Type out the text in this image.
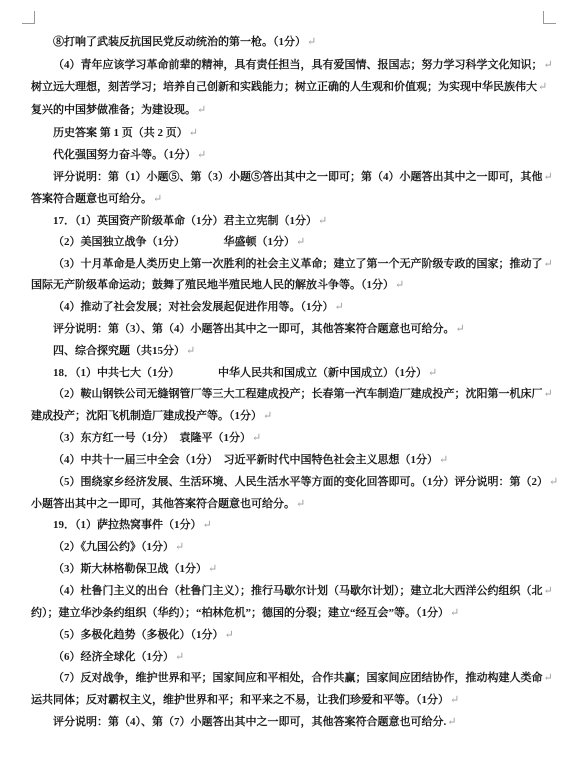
⑧打响了武装反抗国民党反动统治的第一枪。（1分）↵
（4）青年应该学习革命前辈的精神，具有责任担当，具有爱国情、报国志；努力学习科学文化知识；↵
树立远大理想，刻苦学习；培养自己创新和实践能力；树立正确的人生观和价值观；为实现中华民族伟大↵
复兴的中国梦做准备；为建设现。↵
历史答案 第 1 页（共 2 页）↵
代化强国努力奋斗等。（1分）↵
评分说明：第（1）小题⑤、第（3）小题⑤答出其中之一即可；第（4）小题答出其中之一即可，其他↵
答案符合题意也可给分。↵
17．（1）英国资产阶级革命（1分）君主立宪制（1分）↵
（2）美国独立战争（1分）　　　　华盛顿（1分）↵
（3）十月革命是人类历史上第一次胜利的社会主义革命；建立了第一个无产阶级专政的国家；推动了↵
国际无产阶级革命运动；鼓舞了殖民地半殖民地人民的解放斗争等。（1分）↵
（4）推动了社会发展；对社会发展起促进作用等。（1分）↵
评分说明：第（3）、第（4）小题答出其中之一即可，其他答案符合题意也可给分。↵
四、综合探究题（共15分）↵
18．（1）中共七大（1分）　　　　中华人民共和国成立（新中国成立）（1分）↵
（2）鞍山钢铁公司无缝钢管厂等三大工程建成投产；长春第一汽车制造厂建成投产；沈阳第一机床厂↵
建成投产；沈阳飞机制造厂建成投产等。（1分）↵
（3）东方红一号（1分）　袁隆平（1分）↵
（4）中共十一届三中全会（1分）　习近平新时代中国特色社会主义思想（1分）↵
（5）围绕家乡经济发展、生活环境、人民生活水平等方面的变化回答即可。（1分）评分说明：第（2）↵
小题答出其中之一即可，其他答案符合题意也可给分。↵
19．（1）萨拉热窝事件（1分）↵
（2）《九国公约》（1分）↵
（3）斯大林格勒保卫战（1分）↵
（4）杜鲁门主义的出台（杜鲁门主义）；推行马歇尔计划（马歇尔计划）；建立北大西洋公约组织（北↵
约）；建立华沙条约组织（华约）；“柏林危机”；德国的分裂；建立“经互会”等。（1分）↵
（5）多极化趋势（多极化）（1分）↵
（6）经济全球化（1分）↵
（7）反对战争，维护世界和平；国家间应和平相处，合作共赢；国家间应团结协作，推动构建人类命↵
运共同体；反对霸权主义，维护世界和平；和平来之不易，让我们珍爱和平等。（1分）↵
评分说明：第（4）、第（7）小题答出其中之一即可，其他答案符合题意也可给分.↵
